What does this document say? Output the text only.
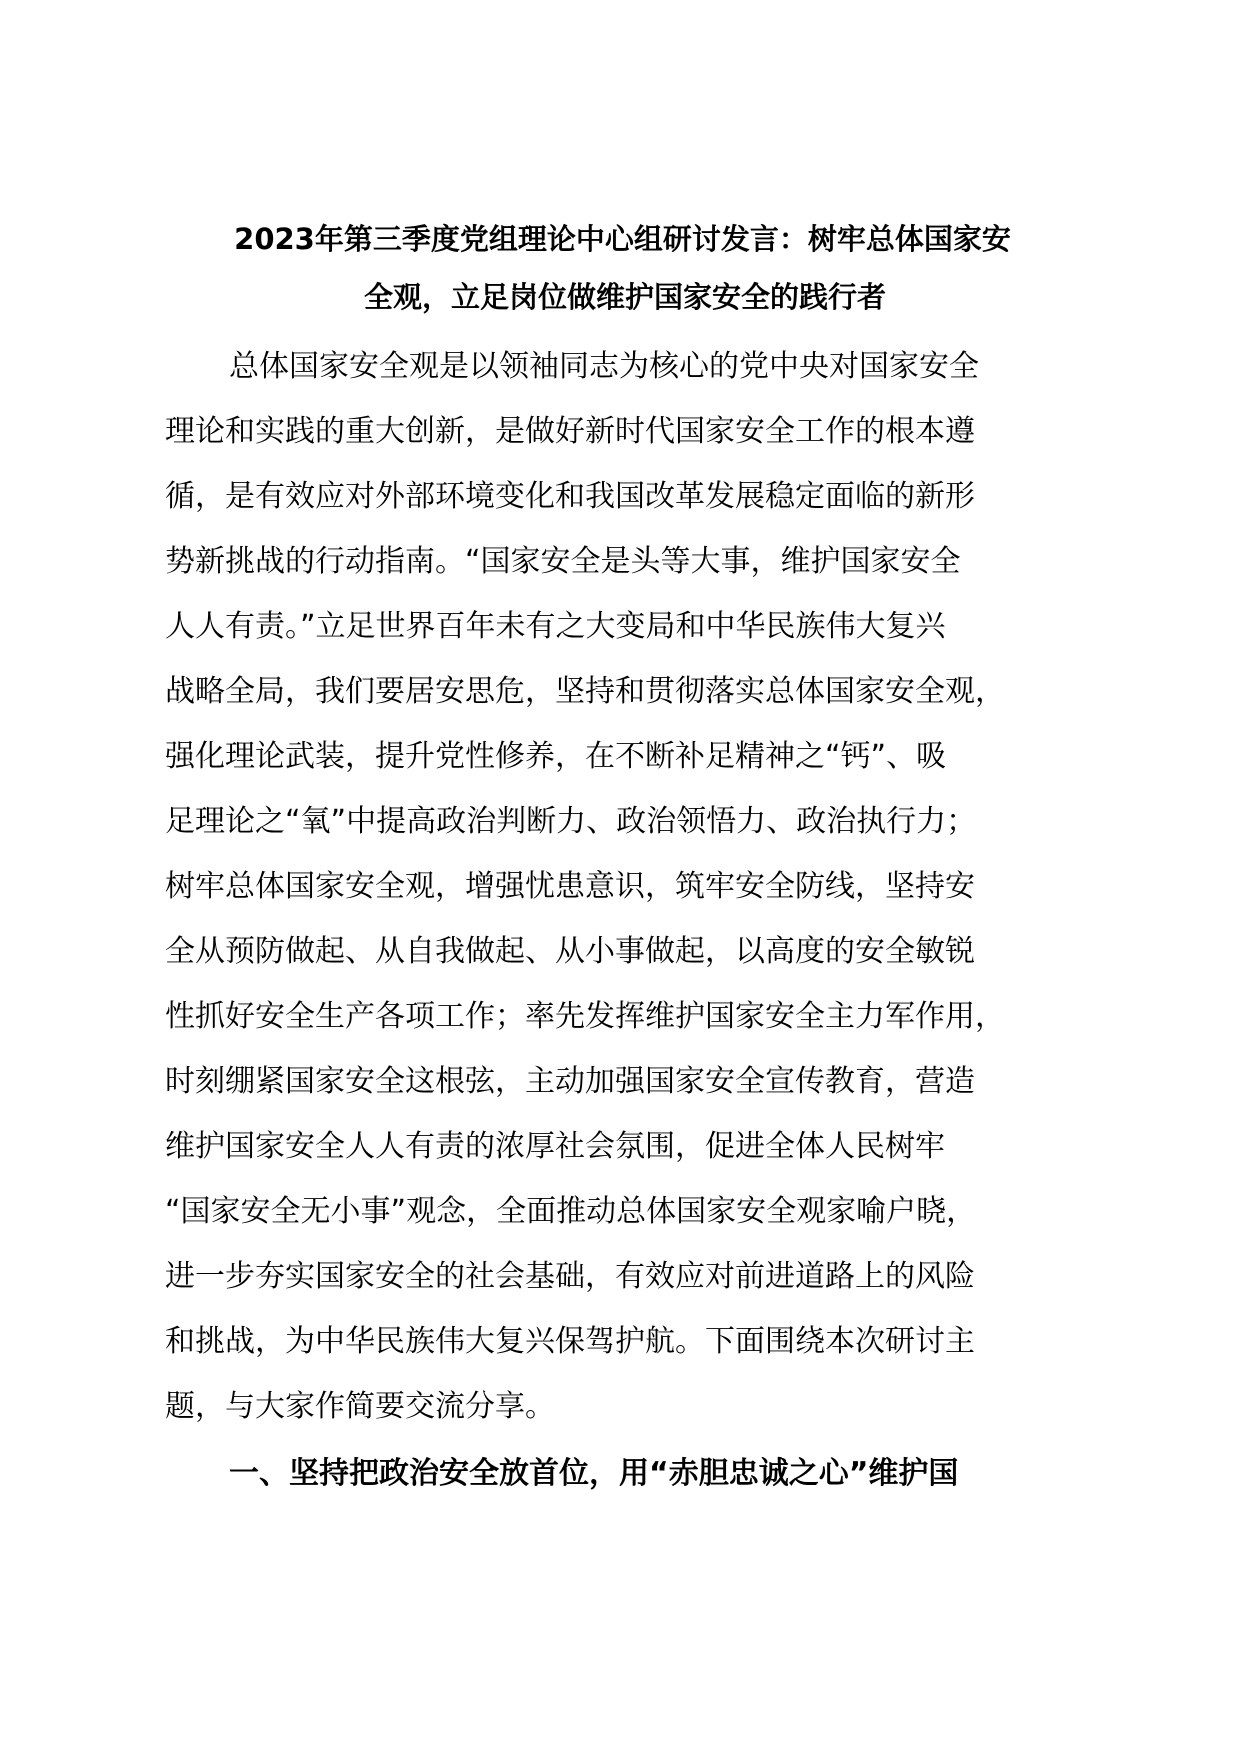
2023年第三季度党组理论中心组研讨发言：树牢总体国家安
全观，立足岗位做维护国家安全的践行者
总体国家安全观是以领袖同志为核心的党中央对国家安全
理论和实践的重大创新，是做好新时代国家安全工作的根本遵
循，是有效应对外部环境变化和我国改革发展稳定面临的新形
势新挑战的行动指南。“国家安全是头等大事，维护国家安全
人人有责。”立足世界百年未有之大变局和中华民族伟大复兴
战略全局，我们要居安思危，坚持和贯彻落实总体国家安全观，
强化理论武装，提升党性修养，在不断补足精神之“钙”、吸
足理论之“氧”中提高政治判断力、政治领悟力、政治执行力；
树牢总体国家安全观，增强忧患意识，筑牢安全防线，坚持安
全从预防做起、从自我做起、从小事做起，以高度的安全敏锐
性抓好安全生产各项工作；率先发挥维护国家安全主力军作用，
时刻绷紧国家安全这根弦，主动加强国家安全宣传教育，营造
维护国家安全人人有责的浓厚社会氛围，促进全体人民树牢
“国家安全无小事”观念，全面推动总体国家安全观家喻户晓，
进一步夯实国家安全的社会基础，有效应对前进道路上的风险
和挑战，为中华民族伟大复兴保驾护航。下面围绕本次研讨主
题，与大家作简要交流分享。
一、坚持把政治安全放首位，用“赤胆忠诚之心”维护国
